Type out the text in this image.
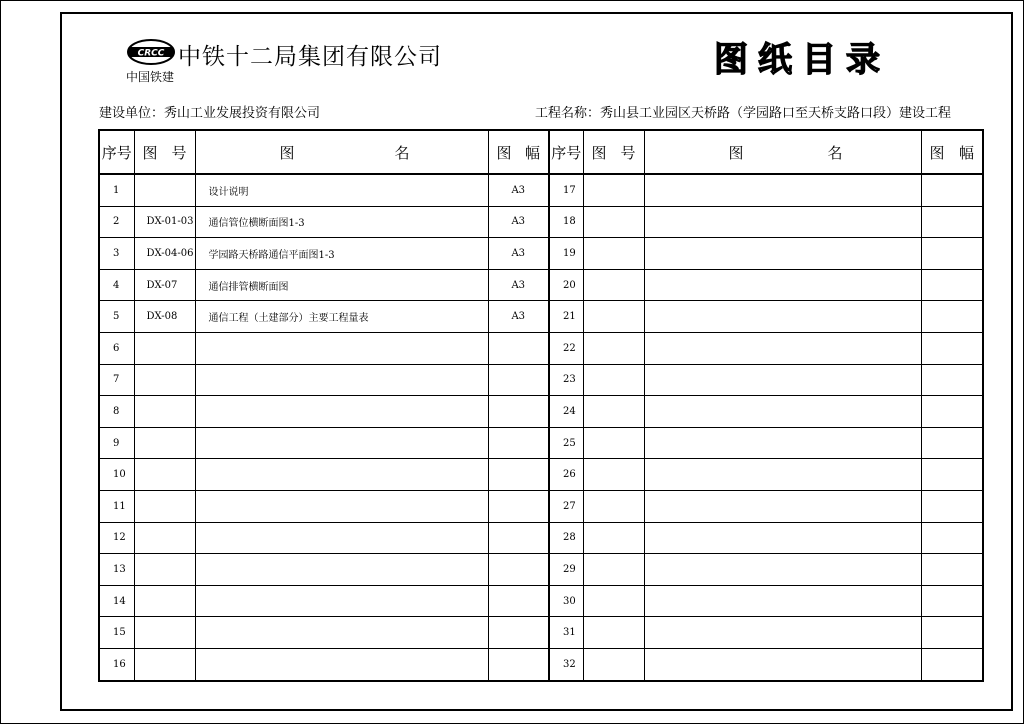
CRCC 中铁十二局集团有限公司
中国铁建	图纸目录
建设单位：秀山工业发展投资有限公司	工程名称：秀山县工业园区天桥路（学园路口至天桥支路口段）建设工程
序号	图 号	图 名	图 幅	序号	图 号	图 名	图 幅

1		设计说明	A3	17			
2	DX-01-03	通信管位横断面图1-3	A3	18			
3	DX-04-06	学园路天桥路通信平面图1-3	A3	19			
4	DX-07	通信排管横断面图	A3	20			
5	DX-08	通信工程（土建部分）主要工程量表	A3	21			
6				22			
7				23			
8				24			
9				25			
10				26			
11				27			
12				28			
13				29			
14				30			
15				31			
16				32			
